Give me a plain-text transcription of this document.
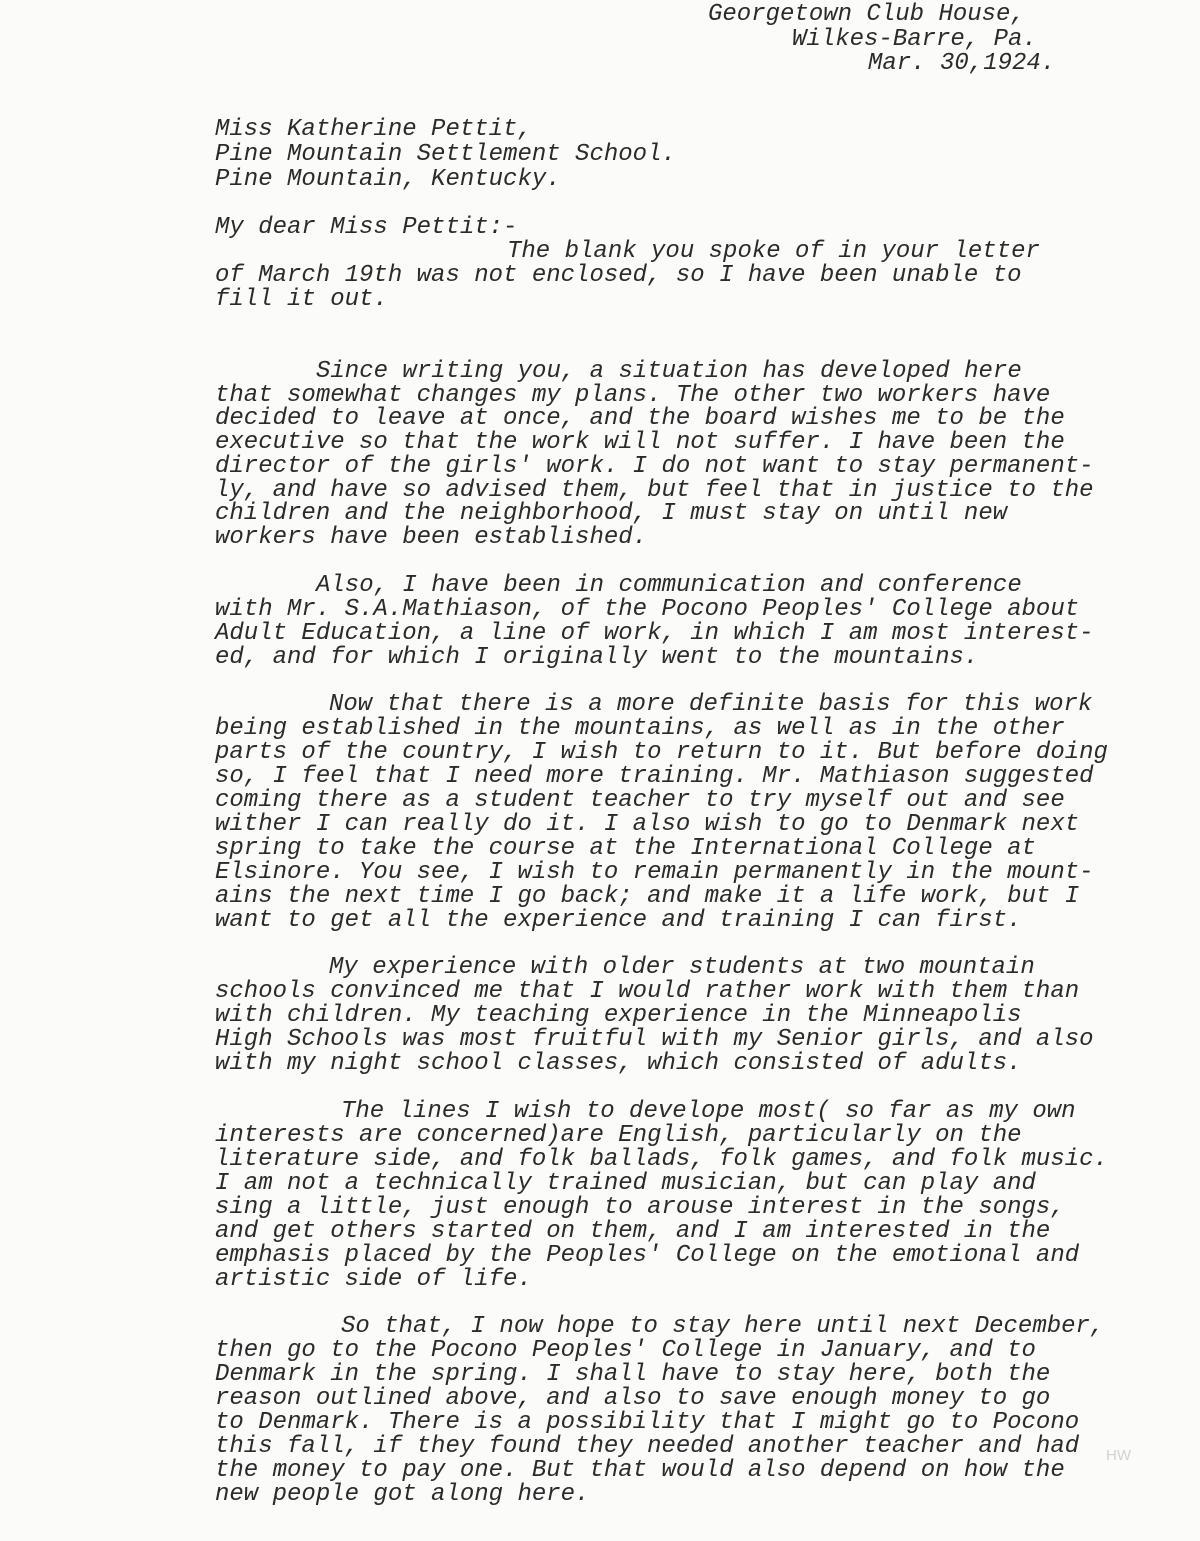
Georgetown Club House,
Wilkes-Barre, Pa.
Mar. 30,1924.
Miss Katherine Pettit,
Pine Mountain Settlement School.
Pine Mountain, Kentucky.
My dear Miss Pettit:-
The blank you spoke of in your letter
of March 19th was not enclosed, so I have been unable to
fill it out.
Since writing you, a situation has developed here
that somewhat changes my plans. The other two workers have
decided to leave at once, and the board wishes me to be the
executive so that the work will not suffer. I have been the
director of the girls' work. I do not want to stay permanent-
ly, and have so advised them, but feel that in justice to the
children and the neighborhood, I must stay on until new
workers have been established.
Also, I have been in communication and conference
with Mr. S.A.Mathiason, of the Pocono Peoples' College about
Adult Education, a line of work, in which I am most interest-
ed, and for which I originally went to the mountains.
Now that there is a more definite basis for this work
being established in the mountains, as well as in the other
parts of the country, I wish to return to it. But before doing
so, I feel that I need more training. Mr. Mathiason suggested
coming there as a student teacher to try myself out and see
wither I can really do it. I also wish to go to Denmark next
spring to take the course at the International College at
Elsinore. You see, I wish to remain permanently in the mount-
ains the next time I go back; and make it a life work, but I
want to get all the experience and training I can first.
My experience with older students at two mountain
schools convinced me that I would rather work with them than
with children. My teaching experience in the Minneapolis
High Schools was most fruitful with my Senior girls, and also
with my night school classes, which consisted of adults.
The lines I wish to develope most( so far as my own
interests are concerned)are English, particularly on the
literature side, and folk ballads, folk games, and folk music.
I am not a technically trained musician, but can play and
sing a little, just enough to arouse interest in the songs,
and get others started on them, and I am interested in the
emphasis placed by the Peoples' College on the emotional and
artistic side of life.
So that, I now hope to stay here until next December,
then go to the Pocono Peoples' College in January, and to
Denmark in the spring. I shall have to stay here, both the
reason outlined above, and also to save enough money to go
to Denmark. There is a possibility that I might go to Pocono
this fall, if they found they needed another teacher and had
the money to pay one. But that would also depend on how the
new people got along here.
HW
